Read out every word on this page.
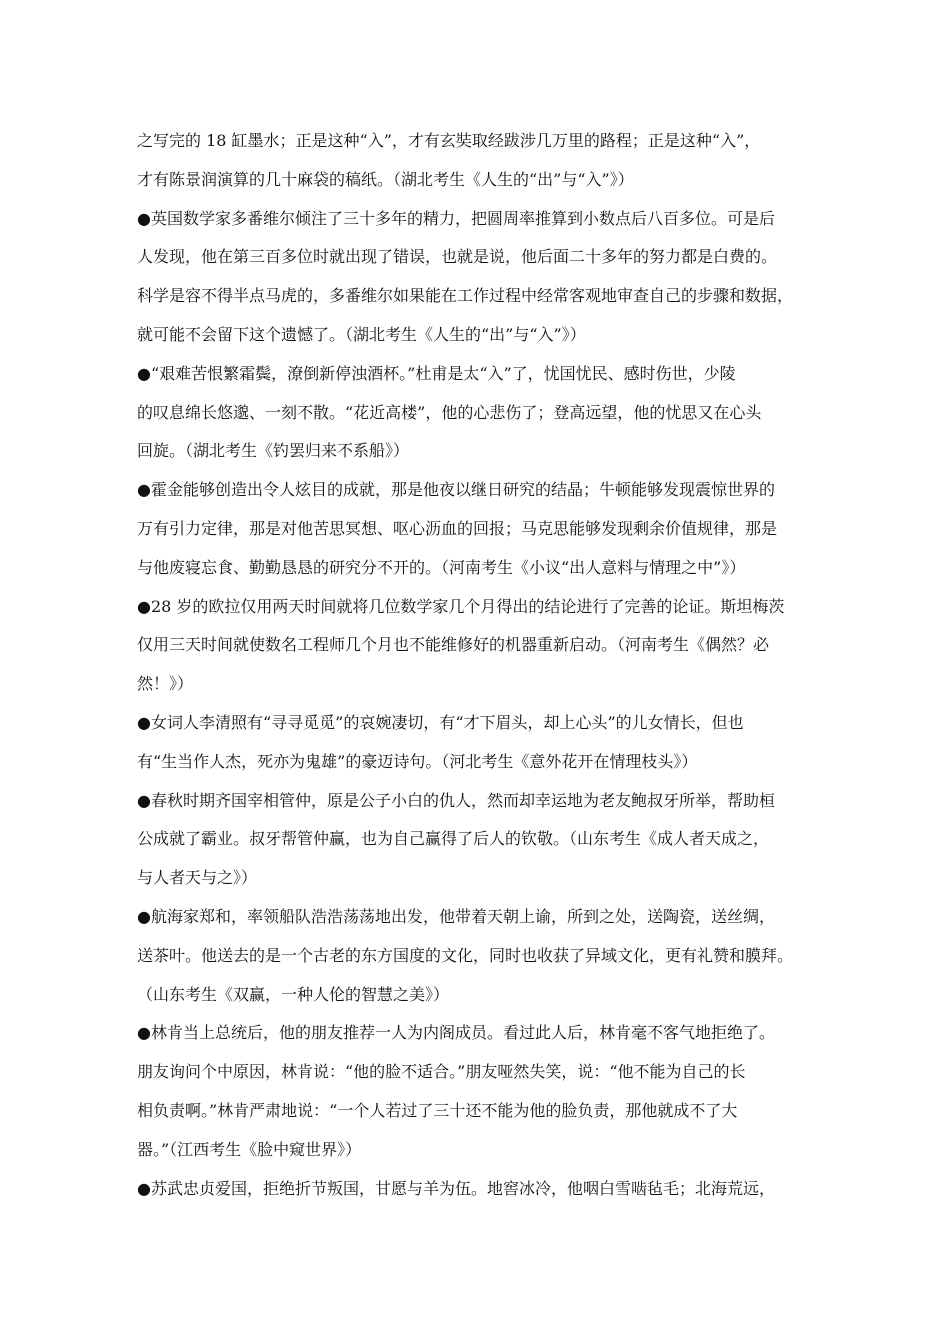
之写完的 18 缸墨水；正是这种“入”，才有玄奘取经跋涉几万里的路程；正是这种“入”，
才有陈景润演算的几十麻袋的稿纸。（湖北考生《人生的“出”与“入”》）
●英国数学家多番维尔倾注了三十多年的精力，把圆周率推算到小数点后八百多位。可是后
人发现，他在第三百多位时就出现了错误，也就是说，他后面二十多年的努力都是白费的。
科学是容不得半点马虎的，多番维尔如果能在工作过程中经常客观地审查自己的步骤和数据，
就可能不会留下这个遗憾了。（湖北考生《人生的“出”与“入”》）
●“艰难苦恨繁霜鬓，潦倒新停浊酒杯。”杜甫是太“入”了，忧国忧民、感时伤世，少陵
的叹息绵长悠邈、一刻不散。“花近高楼”，他的心悲伤了；登高远望，他的忧思又在心头
回旋。（湖北考生《钓罢归来不系船》）
●霍金能够创造出令人炫目的成就，那是他夜以继日研究的结晶；牛顿能够发现震惊世界的
万有引力定律，那是对他苦思冥想、呕心沥血的回报；马克思能够发现剩余价值规律，那是
与他废寝忘食、勤勤恳恳的研究分不开的。（河南考生《小议“出人意料与情理之中”》）
●28 岁的欧拉仅用两天时间就将几位数学家几个月得出的结论进行了完善的论证。斯坦梅茨
仅用三天时间就使数名工程师几个月也不能维修好的机器重新启动。（河南考生《偶然？必
然！》）
●女词人李清照有“寻寻觅觅”的哀婉凄切，有“才下眉头，却上心头”的儿女情长，但也
有“生当作人杰，死亦为鬼雄”的豪迈诗句。（河北考生《意外花开在情理枝头》）
●春秋时期齐国宰相管仲，原是公子小白的仇人，然而却幸运地为老友鲍叔牙所举，帮助桓
公成就了霸业。叔牙帮管仲赢，也为自己赢得了后人的钦敬。（山东考生《成人者天成之，
与人者天与之》）
●航海家郑和，率领船队浩浩荡荡地出发，他带着天朝上谕，所到之处，送陶瓷，送丝绸，
送茶叶。他送去的是一个古老的东方国度的文化，同时也收获了异域文化，更有礼赞和膜拜。
（山东考生《双赢，一种人伦的智慧之美》）
●林肯当上总统后，他的朋友推荐一人为内阁成员。看过此人后，林肯毫不客气地拒绝了。
朋友询问个中原因，林肯说：“他的脸不适合。”朋友哑然失笑，说：“他不能为自己的长
相负责啊。”林肯严肃地说：“一个人若过了三十还不能为他的脸负责，那他就成不了大
器。”（江西考生《脸中窥世界》）
●苏武忠贞爱国，拒绝折节叛国，甘愿与羊为伍。地窖冰冷，他咽白雪啮毡毛；北海荒远，
